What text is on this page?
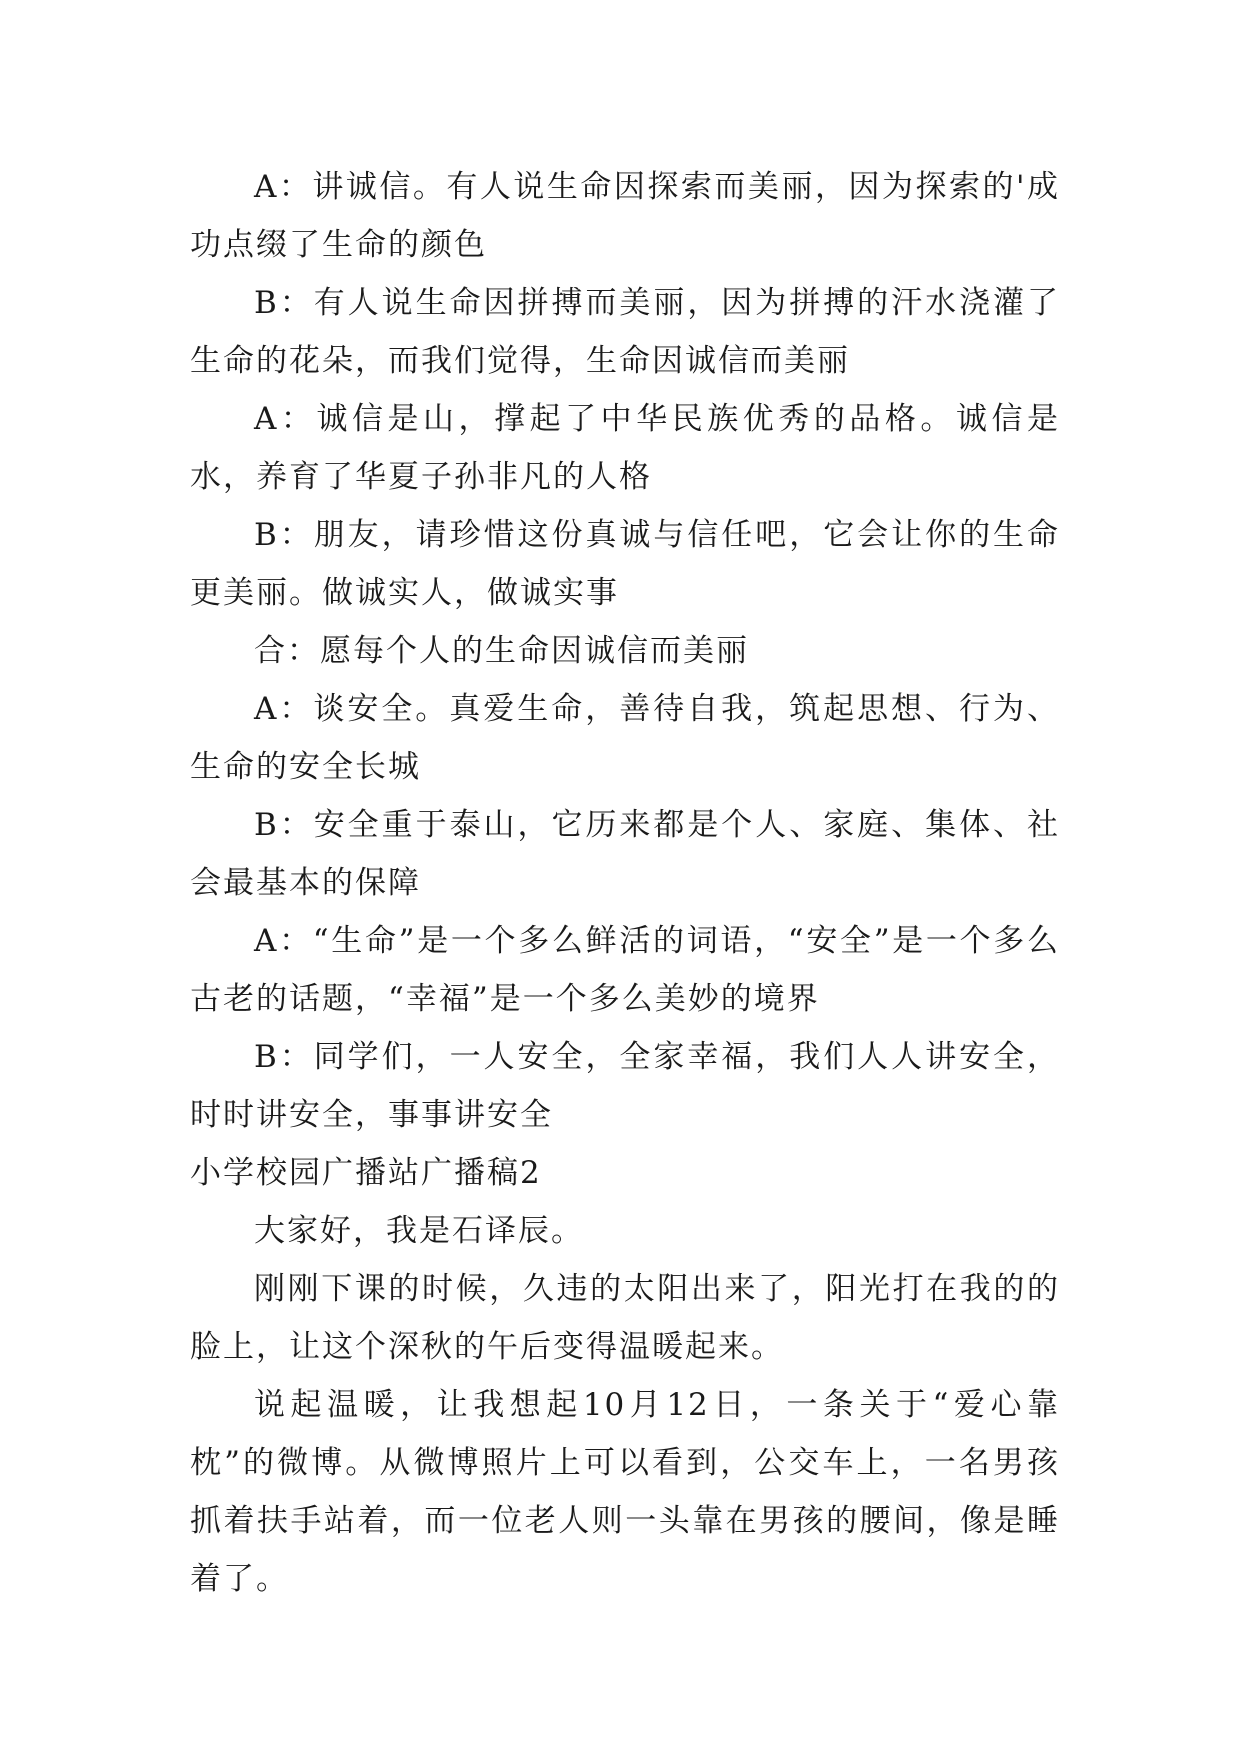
A：讲诚信。有人说生命因探索而美丽，因为探索的'成功点缀了生命的颜色

B：有人说生命因拼搏而美丽，因为拼搏的汗水浇灌了生命的花朵，而我们觉得，生命因诚信而美丽

A：诚信是山，撑起了中华民族优秀的品格。诚信是水，养育了华夏子孙非凡的人格

B：朋友，请珍惜这份真诚与信任吧，它会让你的生命更美丽。做诚实人，做诚实事

合：愿每个人的生命因诚信而美丽

A：谈安全。真爱生命，善待自我，筑起思想、行为、生命的安全长城

B：安全重于泰山，它历来都是个人、家庭、集体、社会最基本的保障

A：“生命”是一个多么鲜活的词语，“安全”是一个多么古老的话题，“幸福”是一个多么美妙的境界

B：同学们，一人安全，全家幸福，我们人人讲安全，时时讲安全，事事讲安全

小学校园广播站广播稿2

大家好，我是石译辰。

刚刚下课的时候，久违的太阳出来了，阳光打在我的的脸上，让这个深秋的午后变得温暖起来。

说起温暖，让我想起10月12日，一条关于“爱心靠枕”的微博。从微博照片上可以看到，公交车上，一名男孩抓着扶手站着，而一位老人则一头靠在男孩的腰间，像是睡着了。
